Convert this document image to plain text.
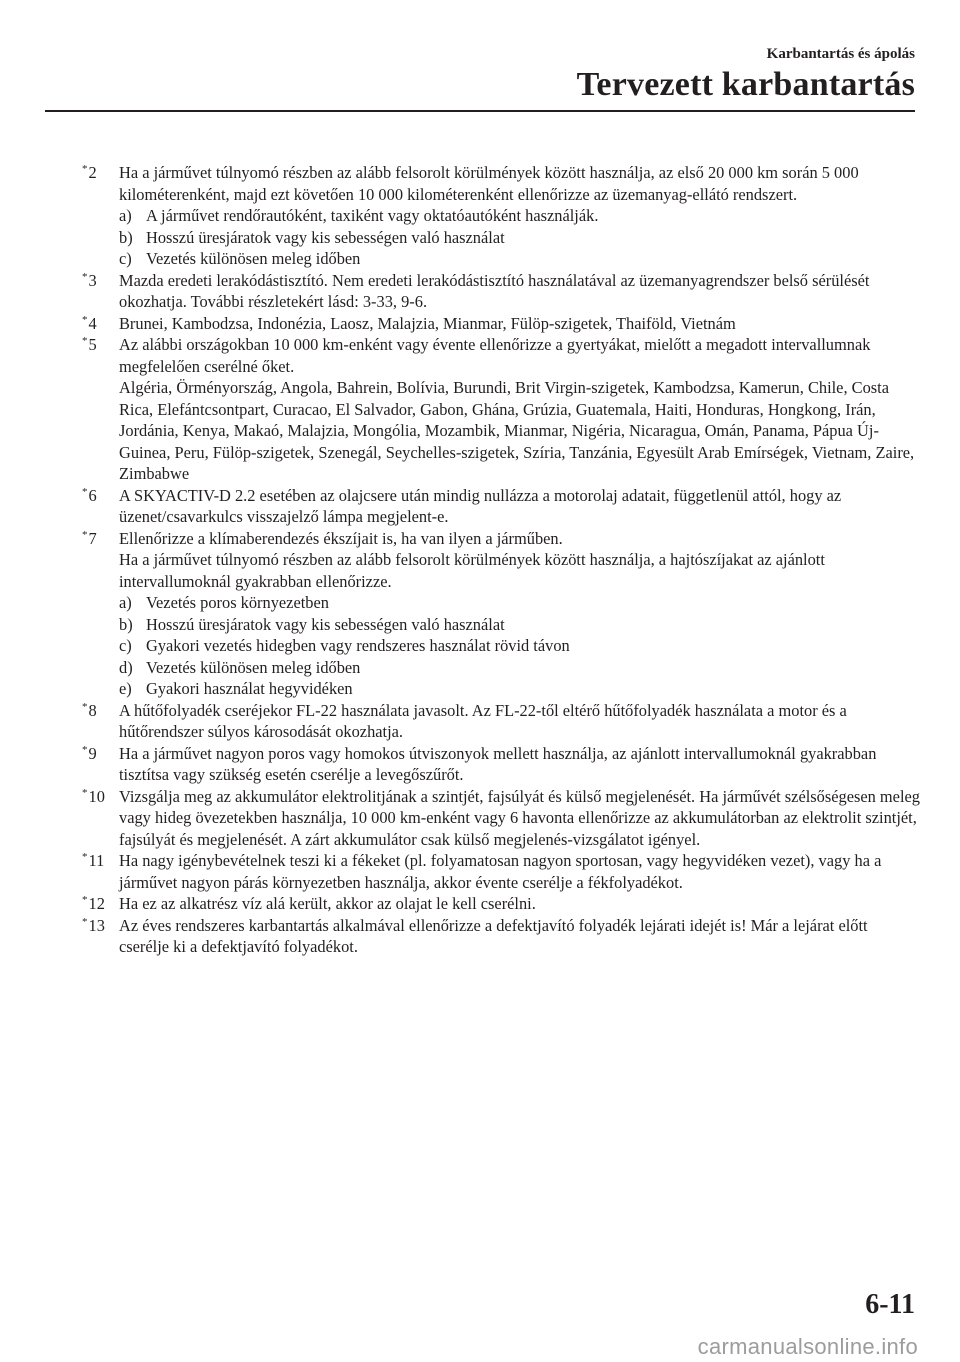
Karbantartás és ápolás
Tervezett karbantartás
*2 Ha a járművet túlnyomó részben az alább felsorolt körülmények között használja, az első 20 000 km során 5 000 kilométerenként, majd ezt követően 10 000 kilométerenként ellenőrizze az üzemanyag-ellátó rendszert.
a) A járművet rendőrautóként, taxiként vagy oktatóautóként használják.
b) Hosszú üresjáratok vagy kis sebességen való használat
c) Vezetés különösen meleg időben
*3 Mazda eredeti lerakódástisztító. Nem eredeti lerakódástisztító használatával az üzemanyagrendszer belső sérülését okozhatja. További részletekért lásd: 3-33, 9-6.
*4 Brunei, Kambodzsa, Indonézia, Laosz, Malajzia, Mianmar, Fülöp-szigetek, Thaiföld, Vietnám
*5 Az alábbi országokban 10 000 km-enként vagy évente ellenőrizze a gyertyákat, mielőtt a megadott intervallumnak megfelelően cserélné őket.
Algéria, Örményország, Angola, Bahrein, Bolívia, Burundi, Brit Virgin-szigetek, Kambodzsa, Kamerun, Chile, Costa Rica, Elefántcsontpart, Curacao, El Salvador, Gabon, Ghána, Grúzia, Guatemala, Haiti, Honduras, Hongkong, Irán, Jordánia, Kenya, Makaó, Malajzia, Mongólia, Mozambik, Mianmar, Nigéria, Nicaragua, Omán, Panama, Pápua Új-Guinea, Peru, Fülöp-szigetek, Szenegál, Seychelles-szigetek, Szíria, Tanzánia, Egyesült Arab Emírségek, Vietnam, Zaire, Zimbabwe
*6 A SKYACTIV-D 2.2 esetében az olajcsere után mindig nullázza a motorolaj adatait, függetlenül attól, hogy az üzenet/csavarkulcs visszajelző lámpa megjelent-e.
*7 Ellenőrizze a klímaberendezés ékszíjait is, ha van ilyen a járműben.
Ha a járművet túlnyomó részben az alább felsorolt körülmények között használja, a hajtószíjakat az ajánlott intervallumoknál gyakrabban ellenőrizze.
a) Vezetés poros környezetben
b) Hosszú üresjáratok vagy kis sebességen való használat
c) Gyakori vezetés hidegben vagy rendszeres használat rövid távon
d) Vezetés különösen meleg időben
e) Gyakori használat hegyvidéken
*8 A hűtőfolyadék cseréjekor FL-22 használata javasolt. Az FL-22-től eltérő hűtőfolyadék használata a motor és a hűtőrendszer súlyos károsodását okozhatja.
*9 Ha a járművet nagyon poros vagy homokos útviszonyok mellett használja, az ajánlott intervallumoknál gyakrabban tisztítsa vagy szükség esetén cserélje a levegőszűrőt.
*10 Vizsgálja meg az akkumulátor elektrolitjának a szintjét, fajsúlyát és külső megjelenését. Ha járművét szélsőségesen meleg vagy hideg övezetekben használja, 10 000 km-enként vagy 6 havonta ellenőrizze az akkumulátorban az elektrolit szintjét, fajsúlyát és megjelenését. A zárt akkumulátor csak külső megjelenés-vizsgálatot igényel.
*11 Ha nagy igénybevételnek teszi ki a fékeket (pl. folyamatosan nagyon sportosan, vagy hegyvidéken vezet), vagy ha a járművet nagyon párás környezetben használja, akkor évente cserélje a fékfolyadékot.
*12 Ha ez az alkatrész víz alá került, akkor az olajat le kell cserélni.
*13 Az éves rendszeres karbantartás alkalmával ellenőrizze a defektjavító folyadék lejárati idejét is! Már a lejárat előtt cserélje ki a defektjavító folyadékot.
6-11
carmanualsonline.info
